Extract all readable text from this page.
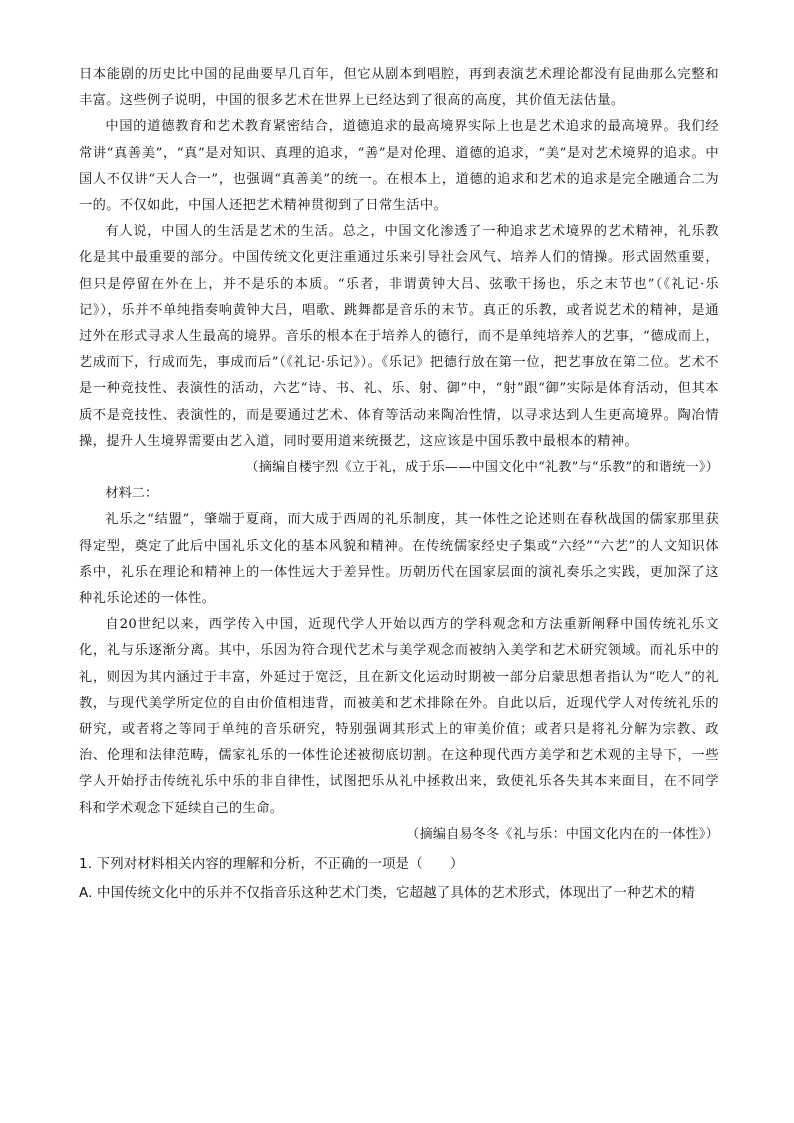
日本能剧的历史比中国的昆曲要早几百年，但它从剧本到唱腔，再到表演艺术理论都没有昆曲那么完整和丰富。这些例子说明，中国的很多艺术在世界上已经达到了很高的高度，其价值无法估量。

中国的道德教育和艺术教育紧密结合，道德追求的最高境界实际上也是艺术追求的最高境界。我们经常讲“真善美”，“真”是对知识、真理的追求，“善”是对伦理、道德的追求，“美”是对艺术境界的追求。中国人不仅讲“天人合一”，也强调“真善美”的统一。在根本上，道德的追求和艺术的追求是完全融通合二为一的。不仅如此，中国人还把艺术精神贯彻到了日常生活中。

有人说，中国人的生活是艺术的生活。总之，中国文化渗透了一种追求艺术境界的艺术精神，礼乐教化是其中最重要的部分。中国传统文化更注重通过乐来引导社会风气、培养人们的情操。形式固然重要，但只是停留在外在上，并不是乐的本质。“乐者，非谓黄钟大吕、弦歌干扬也，乐之末节也”（《礼记·乐记》），乐并不单纯指奏响黄钟大吕，唱歌、跳舞都是音乐的末节。真正的乐教，或者说艺术的精神，是通过外在形式寻求人生最高的境界。音乐的根本在于培养人的德行，而不是单纯培养人的艺事，“德成而上，艺成而下，行成而先，事成而后”（《礼记·乐记》）。《乐记》把德行放在第一位，把艺事放在第二位。艺术不是一种竞技性、表演性的活动，六艺“诗、书、礼、乐、射、御”中，“射”跟“御”实际是体育活动，但其本质不是竞技性、表演性的，而是要通过艺术、体育等活动来陶冶性情，以寻求达到人生更高境界。陶冶情操，提升人生境界需要由艺入道，同时要用道来统摄艺，这应该是中国乐教中最根本的精神。

（摘编自楼宇烈《立于礼，成于乐——中国文化中“礼教”与“乐教”的和谐统一》）

材料二：

礼乐之“结盟”，肇端于夏商，而大成于西周的礼乐制度，其一体性之论述则在春秋战国的儒家那里获得定型，奠定了此后中国礼乐文化的基本风貌和精神。在传统儒家经史子集或“六经”“六艺”的人文知识体系中，礼乐在理论和精神上的一体性远大于差异性。历朝历代在国家层面的演礼奏乐之实践，更加深了这种礼乐论述的一体性。

自20世纪以来，西学传入中国，近现代学人开始以西方的学科观念和方法重新阐释中国传统礼乐文化，礼与乐逐渐分离。其中，乐因为符合现代艺术与美学观念而被纳入美学和艺术研究领域。而礼乐中的礼，则因为其内涵过于丰富，外延过于宽泛，且在新文化运动时期被一部分启蒙思想者指认为“吃人”的礼教，与现代美学所定位的自由价值相违背，而被美和艺术排除在外。自此以后，近现代学人对传统礼乐的研究，或者将之等同于单纯的音乐研究，特别强调其形式上的审美价值；或者只是将礼分解为宗教、政治、伦理和法律范畴，儒家礼乐的一体性论述被彻底切割。在这种现代西方美学和艺术观的主导下，一些学人开始抒击传统礼乐中乐的非自律性，试图把乐从礼中拯救出来，致使礼乐各失其本来面目，在不同学科和学术观念下延续自己的生命。

（摘编自易冬冬《礼与乐：中国文化内在的一体性》）

1. 下列对材料相关内容的理解和分析，不正确的一项是（　　）

A. 中国传统文化中的乐并不仅指音乐这种艺术门类，它超越了具体的艺术形式，体现出了一种艺术的精
